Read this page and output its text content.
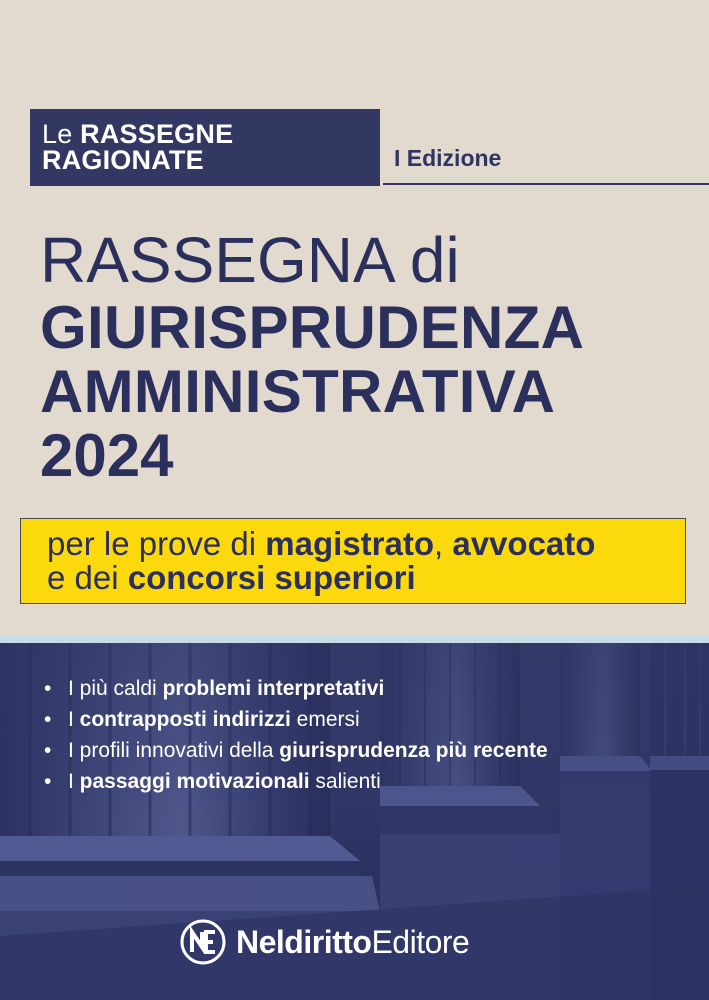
Le RASSEGNE
RAGIONATE	I Edizione
RASSEGNA di
GIURISPRUDENZA
AMMINISTRATIVA
2024
per le prove di magistrato, avvocato
e dei concorsi superiori
• I più caldi problemi interpretativi
• I contrapposti indirizzi emersi
• I profili innovativi della giurisprudenza più recente
• I passaggi motivazionali salienti
NeldirittoEditore
